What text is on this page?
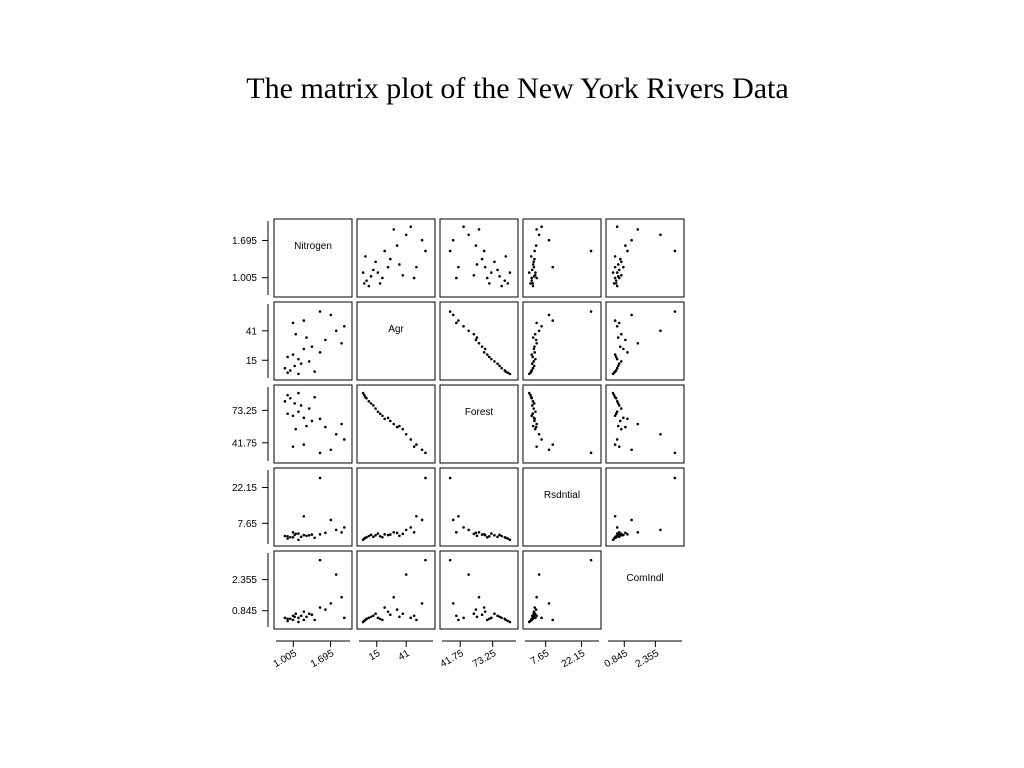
The matrix plot of the New York Rivers Data
Nitrogen
Agr
Forest
Rsdntial
ComIndl
1.005
1.695
15
41
41.75
73.25
7.65
22.15
0.845
2.355
1.005 1.695	15 41	41.75 73.25	7.65 22.15 0.845 2.355
